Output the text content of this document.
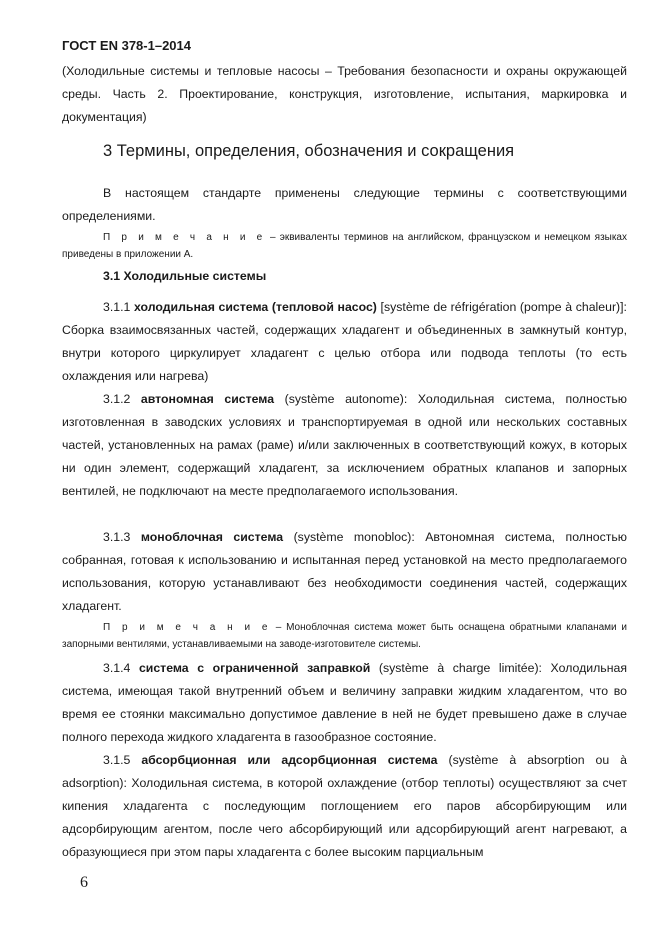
ГОСТ EN 378-1–2014

(Холодильные системы и тепловые насосы – Требования безопасности и охраны окружающей среды. Часть 2. Проектирование, конструкция, изготовление, испытания, маркировка и документация)

3 Термины, определения, обозначения и сокращения

В настоящем стандарте применены следующие термины с соответствующими определениями.

П р и м е ч а н и е – эквиваленты терминов на английском, французском и немецком языках приведены в приложении А.

3.1 Холодильные системы

3.1.1 холодильная система (тепловой насос) [système de réfrigération (pompe à chaleur)]: Сборка взаимосвязанных частей, содержащих хладагент и объединенных в замкнутый контур, внутри которого циркулирует хладагент с целью отбора или подвода теплоты (то есть охлаждения или нагрева)

3.1.2 автономная система (système autonome): Холодильная система, полностью изготовленная в заводских условиях и транспортируемая в одной или нескольких составных частей, установленных на рамах (раме) и/или заключенных в соответствующий кожух, в которых ни один элемент, содержащий хладагент, за исключением обратных клапанов и запорных вентилей, не подключают на месте предполагаемого использования.

3.1.3 моноблочная система (système monobloc): Автономная система, полностью собранная, готовая к использованию и испытанная перед установкой на место предполагаемого использования, которую устанавливают без необходимости соединения частей, содержащих хладагент.

П р и м е ч а н и е – Моноблочная система может быть оснащена обратными клапанами и запорными вентилями, устанавливаемыми на заводе-изготовителе системы.

3.1.4 система с ограниченной заправкой (système à charge limitée): Холодильная система, имеющая такой внутренний объем и величину заправки жидким хладагентом, что во время ее стоянки максимально допустимое давление в ней не будет превышено даже в случае полного перехода жидкого хладагента в газообразное состояние.

3.1.5 абсорбционная или адсорбционная система (système à absorption ou à adsorption): Холодильная система, в которой охлаждение (отбор теплоты) осуществляют за счет кипения хладагента с последующим поглощением его паров абсорбирующим или адсорбирующим агентом, после чего абсорбирующий или адсорбирующий агент нагревают, а образующиеся при этом пары хладагента с более высоким парциальным

6
